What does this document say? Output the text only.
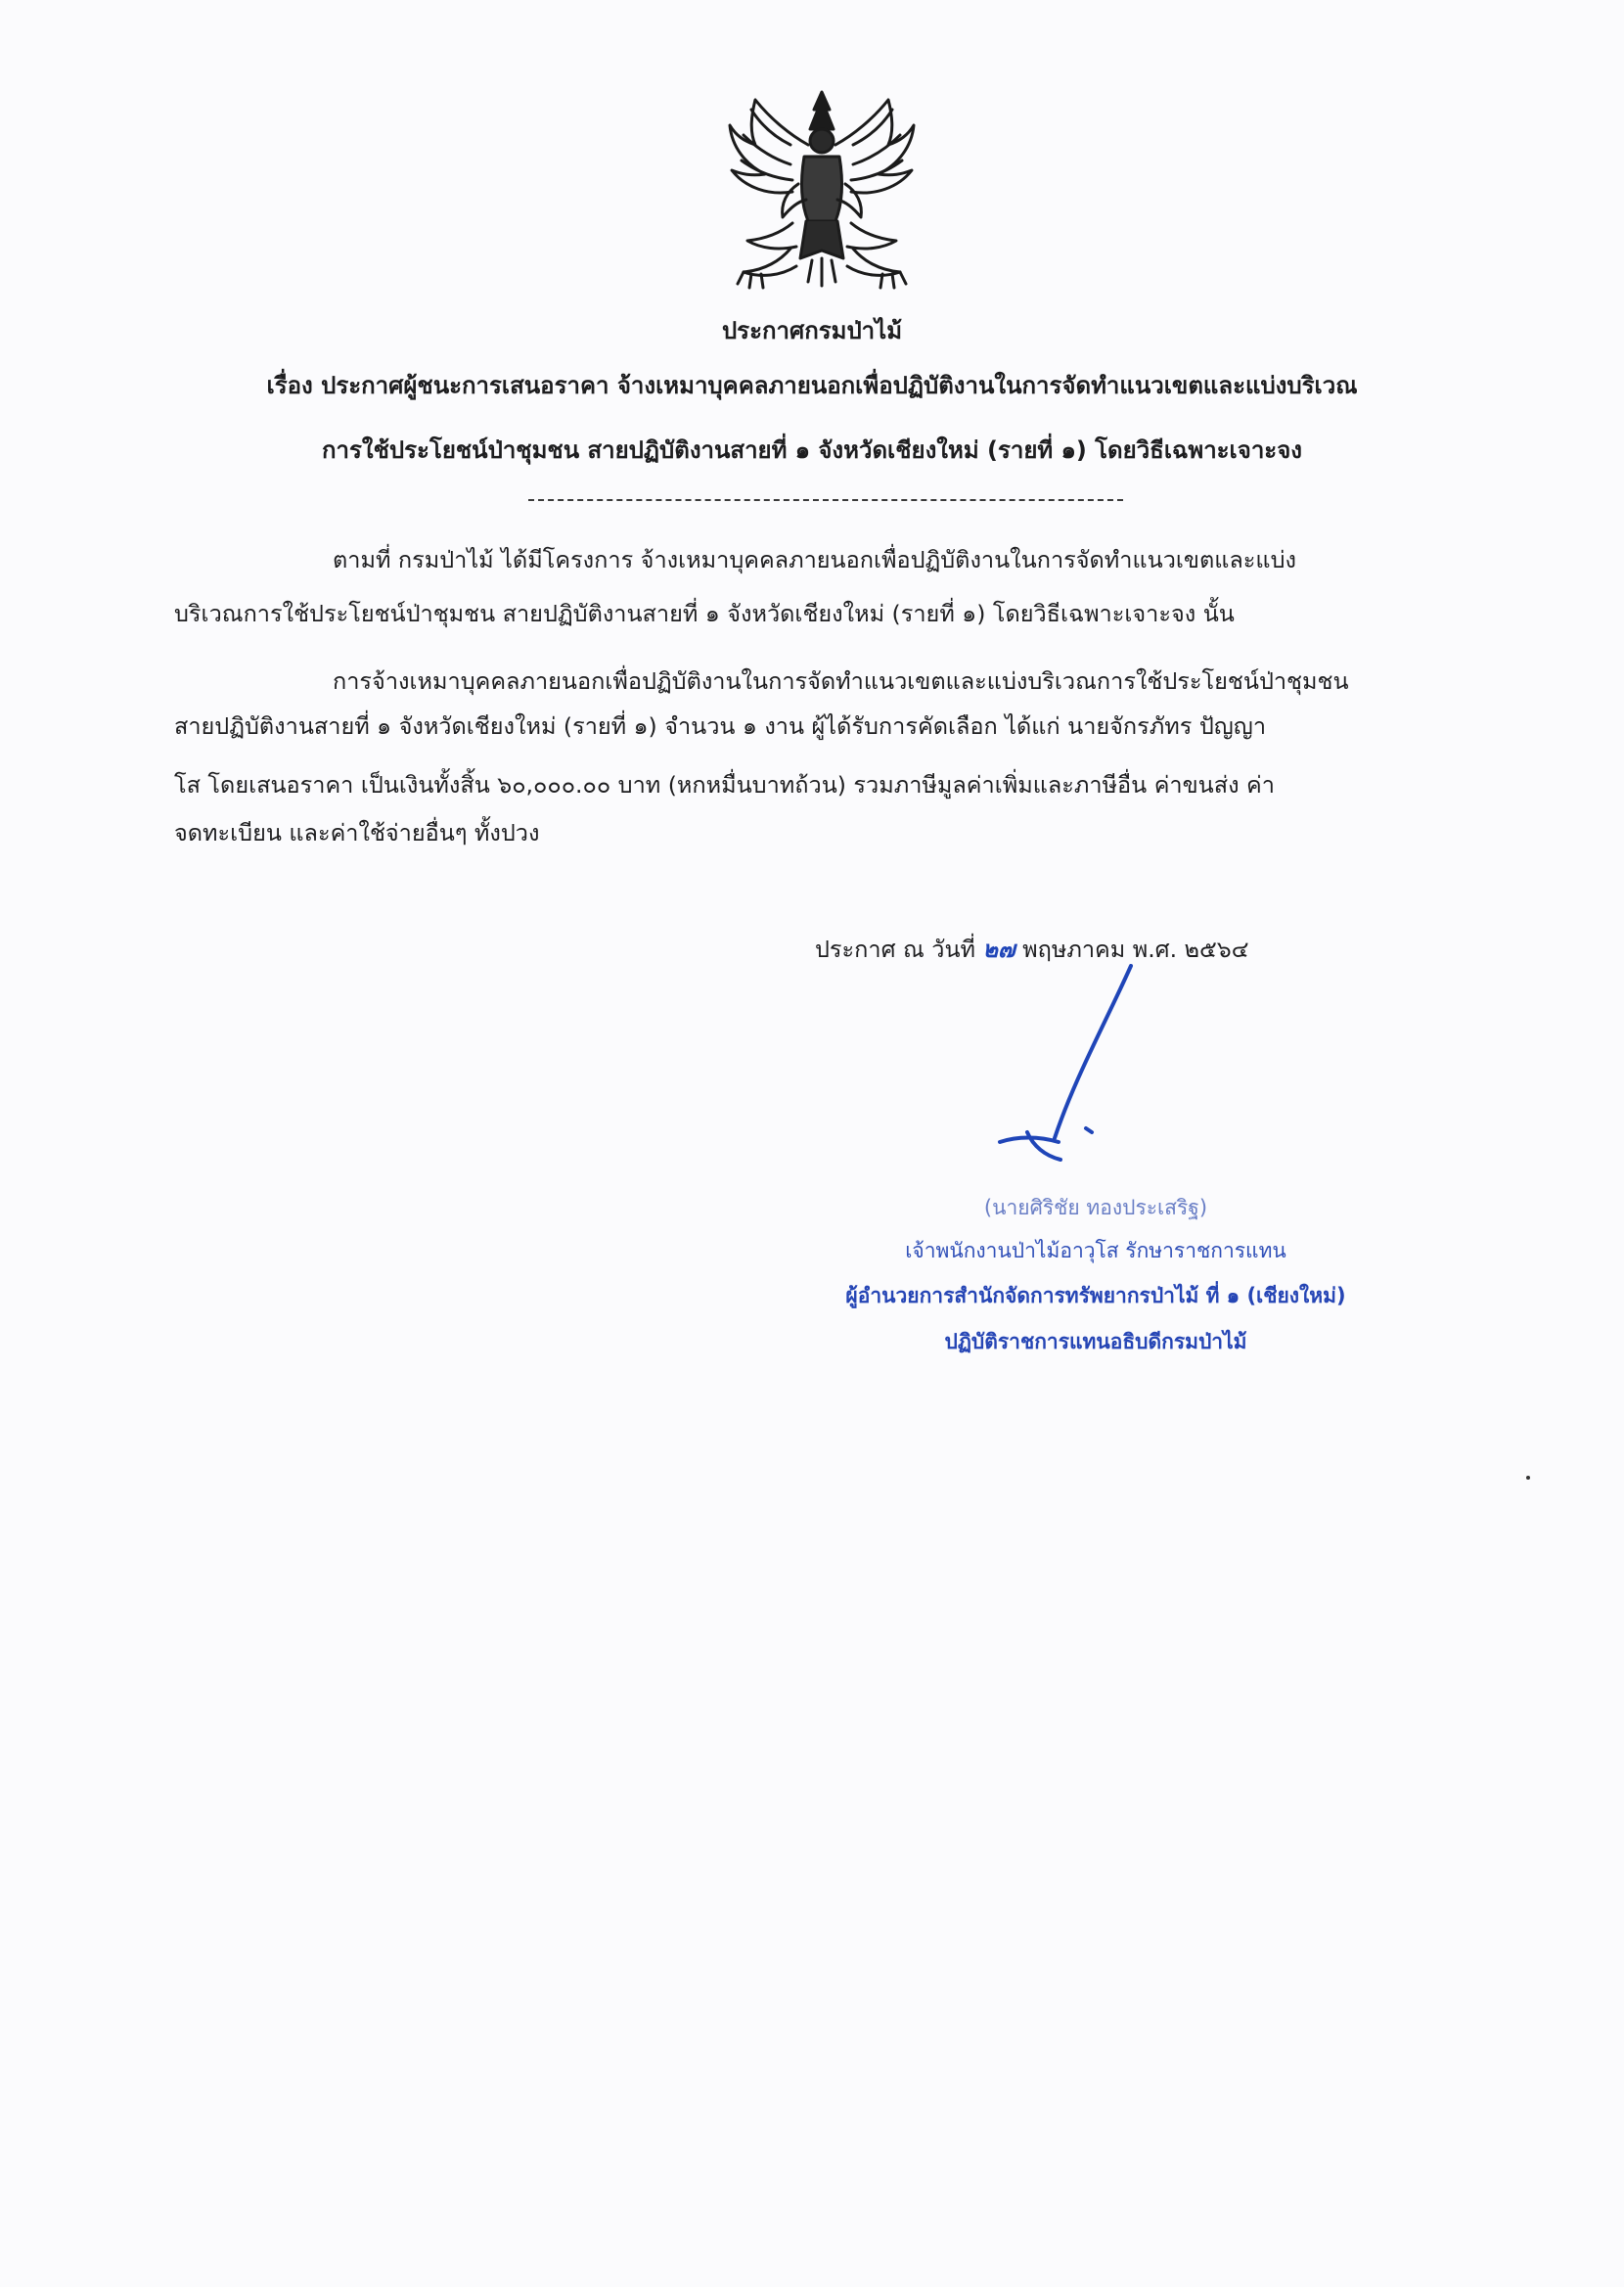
ประกาศกรมป่าไม้
เรื่อง ประกาศผู้ชนะการเสนอราคา จ้างเหมาบุคคลภายนอกเพื่อปฏิบัติงานในการจัดทำแนวเขตและแบ่งบริเวณ
การใช้ประโยชน์ป่าชุมชน สายปฏิบัติงานสายที่ ๑ จังหวัดเชียงใหม่ (รายที่ ๑) โดยวิธีเฉพาะเจาะจง
ตามที่ กรมป่าไม้ ได้มีโครงการ จ้างเหมาบุคคลภายนอกเพื่อปฏิบัติงานในการจัดทำแนวเขตและแบ่ง
บริเวณการใช้ประโยชน์ป่าชุมชน สายปฏิบัติงานสายที่ ๑ จังหวัดเชียงใหม่ (รายที่ ๑) โดยวิธีเฉพาะเจาะจง นั้น
การจ้างเหมาบุคคลภายนอกเพื่อปฏิบัติงานในการจัดทำแนวเขตและแบ่งบริเวณการใช้ประโยชน์ป่าชุมชน
สายปฏิบัติงานสายที่ ๑ จังหวัดเชียงใหม่ (รายที่ ๑) จำนวน ๑ งาน ผู้ได้รับการคัดเลือก ได้แก่ นายจักรภัทร ปัญญา
โส โดยเสนอราคา เป็นเงินทั้งสิ้น ๖๐,๐๐๐.๐๐ บาท (หกหมื่นบาทถ้วน) รวมภาษีมูลค่าเพิ่มและภาษีอื่น ค่าขนส่ง ค่า
จดทะเบียน และค่าใช้จ่ายอื่นๆ ทั้งปวง
ประกาศ ณ วันที่ ๒๗ พฤษภาคม พ.ศ. ๒๕๖๔
(นายศิริชัย ทองประเสริฐ)
เจ้าพนักงานป่าไม้อาวุโส รักษาราชการแทน
ผู้อำนวยการสำนักจัดการทรัพยากรป่าไม้ ที่ ๑ (เชียงใหม่)
ปฏิบัติราชการแทนอธิบดีกรมป่าไม้
